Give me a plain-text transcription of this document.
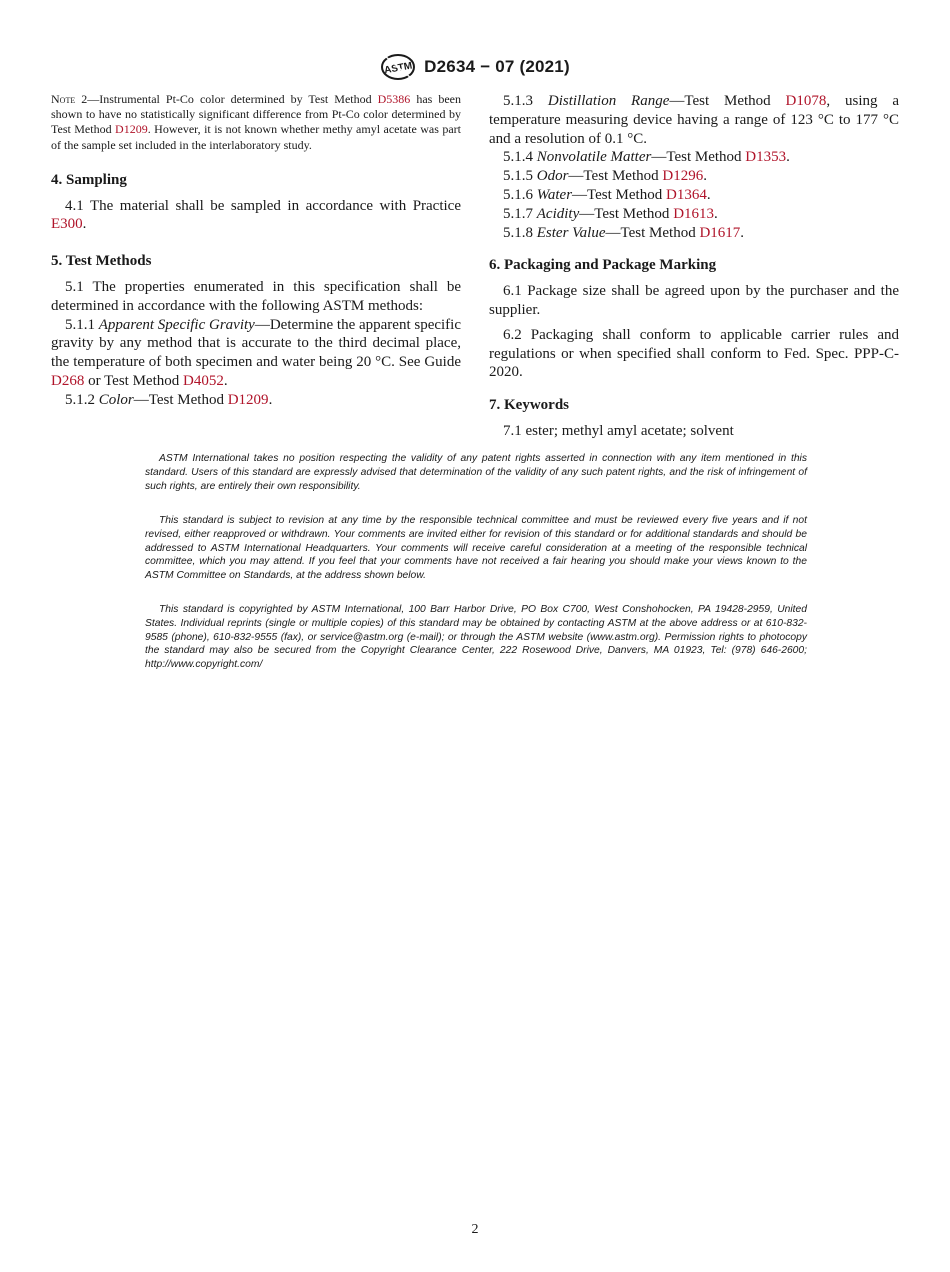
ASTM D2634 − 07 (2021)

Note 2—Instrumental Pt-Co color determined by Test Method D5386 has been shown to have no statistically significant difference from Pt-Co color determined by Test Method D1209. However, it is not known whether methy amyl acetate was part of the sample set included in the interlaboratory study.

4. Sampling

4.1 The material shall be sampled in accordance with Practice E300.

5. Test Methods

5.1 The properties enumerated in this specification shall be determined in accordance with the following ASTM methods:

5.1.1 Apparent Specific Gravity—Determine the apparent specific gravity by any method that is accurate to the third decimal place, the temperature of both specimen and water being 20 °C. See Guide D268 or Test Method D4052.

5.1.2 Color—Test Method D1209.

5.1.3 Distillation Range—Test Method D1078, using a temperature measuring device having a range of 123 °C to 177 °C and a resolution of 0.1 °C.

5.1.4 Nonvolatile Matter—Test Method D1353.

5.1.5 Odor—Test Method D1296.

5.1.6 Water—Test Method D1364.

5.1.7 Acidity—Test Method D1613.

5.1.8 Ester Value—Test Method D1617.

6. Packaging and Package Marking

6.1 Package size shall be agreed upon by the purchaser and the supplier.

6.2 Packaging shall conform to applicable carrier rules and regulations or when specified shall conform to Fed. Spec. PPP-C-2020.

7. Keywords

7.1 ester; methyl amyl acetate; solvent

ASTM International takes no position respecting the validity of any patent rights asserted in connection with any item mentioned in this standard. Users of this standard are expressly advised that determination of the validity of any such patent rights, and the risk of infringement of such rights, are entirely their own responsibility.

This standard is subject to revision at any time by the responsible technical committee and must be reviewed every five years and if not revised, either reapproved or withdrawn. Your comments are invited either for revision of this standard or for additional standards and should be addressed to ASTM International Headquarters. Your comments will receive careful consideration at a meeting of the responsible technical committee, which you may attend. If you feel that your comments have not received a fair hearing you should make your views known to the ASTM Committee on Standards, at the address shown below.

This standard is copyrighted by ASTM International, 100 Barr Harbor Drive, PO Box C700, West Conshohocken, PA 19428-2959, United States. Individual reprints (single or multiple copies) of this standard may be obtained by contacting ASTM at the above address or at 610-832-9585 (phone), 610-832-9555 (fax), or service@astm.org (e-mail); or through the ASTM website (www.astm.org). Permission rights to photocopy the standard may also be secured from the Copyright Clearance Center, 222 Rosewood Drive, Danvers, MA 01923, Tel: (978) 646-2600; http://www.copyright.com/

2
